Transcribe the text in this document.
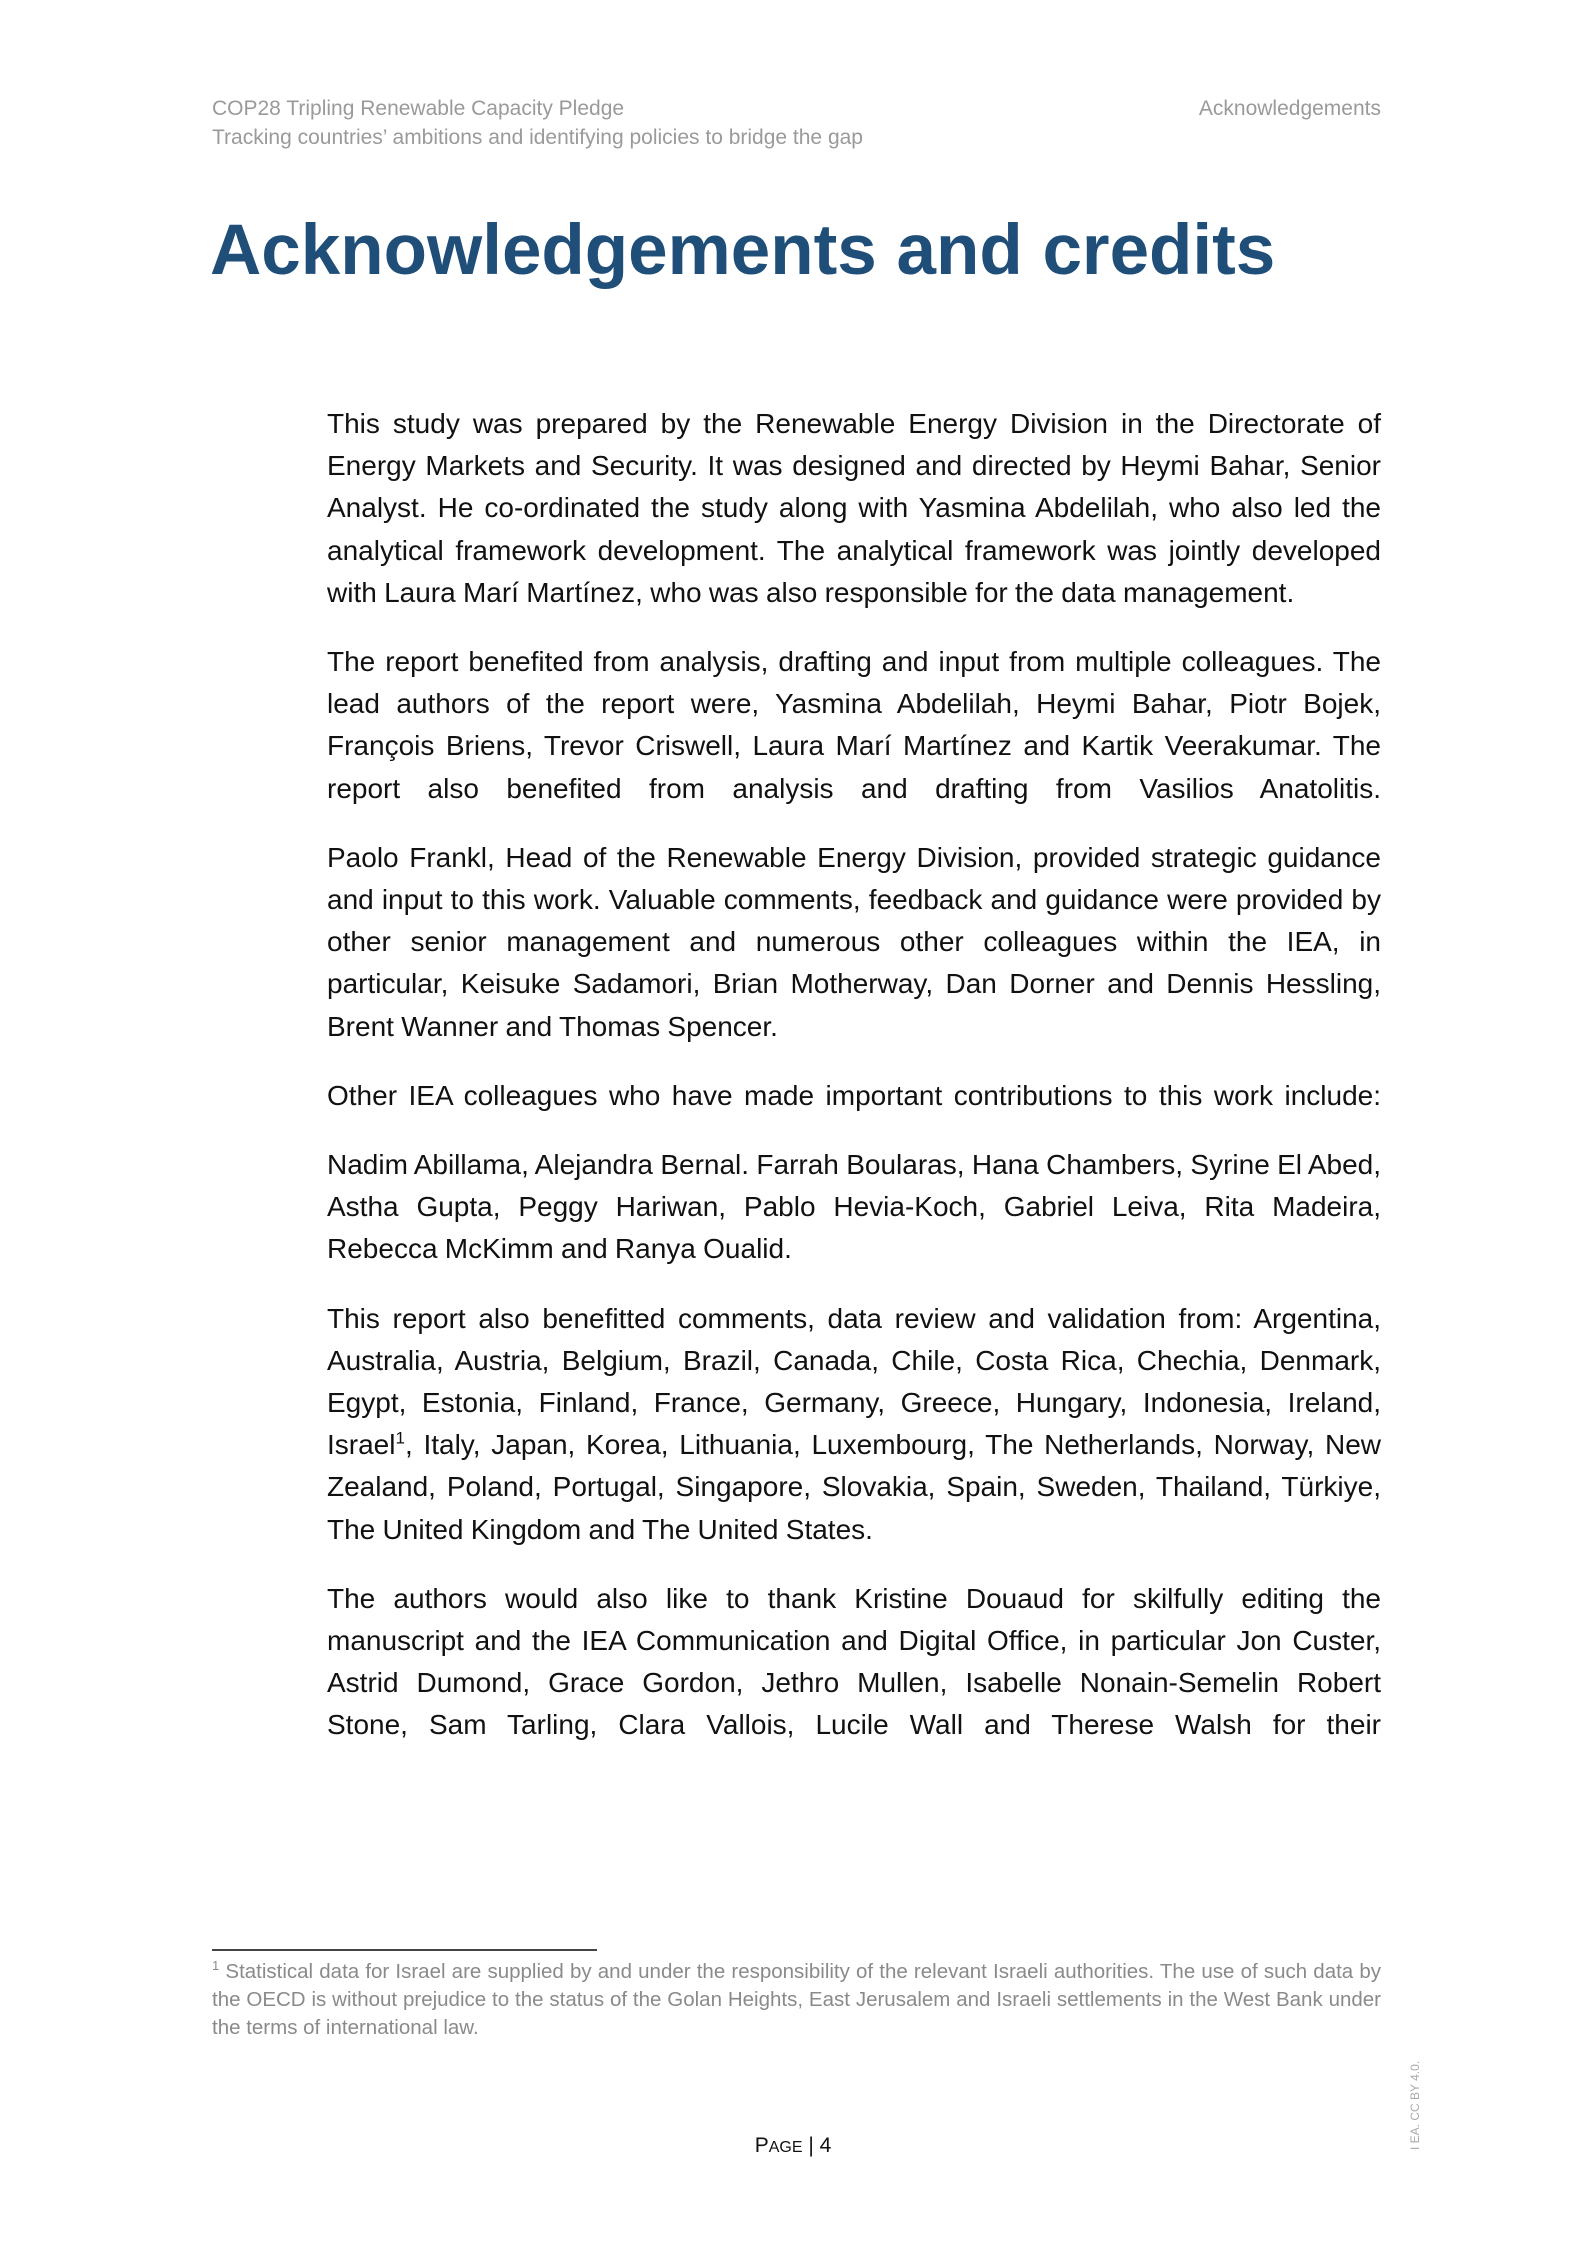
COP28 Tripling Renewable Capacity Pledge
Tracking countries’ ambitions and identifying policies to bridge the gap
Acknowledgements
Acknowledgements and credits

This study was prepared by the Renewable Energy Division in the Directorate of Energy Markets and Security. It was designed and directed by Heymi Bahar, Senior Analyst. He co-ordinated the study along with Yasmina Abdelilah, who also led the analytical framework development. The analytical framework was jointly developed with Laura Marí Martínez, who was also responsible for the data management.

The report benefited from analysis, drafting and input from multiple colleagues. The lead authors of the report were, Yasmina Abdelilah, Heymi Bahar, Piotr Bojek, François Briens, Trevor Criswell, Laura Marí Martínez and Kartik Veerakumar. The report also benefited from analysis and drafting from Vasilios Anatolitis.

Paolo Frankl, Head of the Renewable Energy Division, provided strategic guidance and input to this work. Valuable comments, feedback and guidance were provided by other senior management and numerous other colleagues within the IEA, in particular, Keisuke Sadamori, Brian Motherway, Dan Dorner and Dennis Hessling, Brent Wanner and Thomas Spencer.

Other IEA colleagues who have made important contributions to this work include:

Nadim Abillama, Alejandra Bernal. Farrah Boularas, Hana Chambers, Syrine El Abed, Astha Gupta, Peggy Hariwan, Pablo Hevia-Koch, Gabriel Leiva, Rita Madeira, Rebecca McKimm and Ranya Oualid.

This report also benefitted comments, data review and validation from: Argentina, Australia, Austria, Belgium, Brazil, Canada, Chile, Costa Rica, Chechia, Denmark, Egypt, Estonia, Finland, France, Germany, Greece, Hungary, Indonesia, Ireland, Israel$^1$, Italy, Japan, Korea, Lithuania, Luxembourg, The Netherlands, Norway, New Zealand, Poland, Portugal, Singapore, Slovakia, Spain, Sweden, Thailand, Türkiye, The United Kingdom and The United States.

The authors would also like to thank Kristine Douaud for skilfully editing the manuscript and the IEA Communication and Digital Office, in particular Jon Custer, Astrid Dumond, Grace Gordon, Jethro Mullen, Isabelle Nonain-Semelin Robert Stone, Sam Tarling, Clara Vallois, Lucile Wall and Therese Walsh for their

$^1$ Statistical data for Israel are supplied by and under the responsibility of the relevant Israeli authorities. The use of such data by the OECD is without prejudice to the status of the Golan Heights, East Jerusalem and Israeli settlements in the West Bank under the terms of international law.
PAGE | 4	I EA. CC BY 4.0.
